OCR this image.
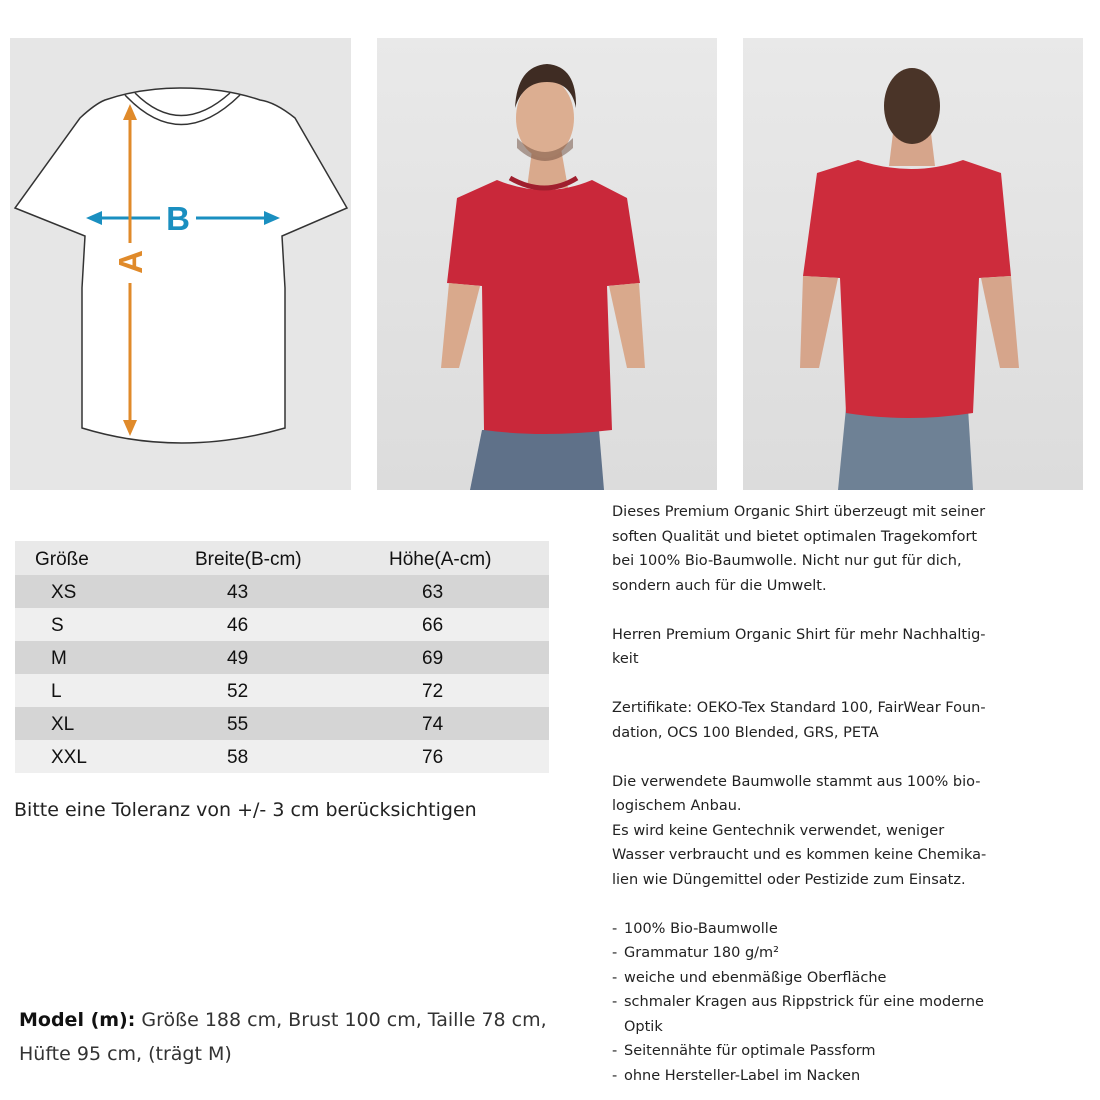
B
A
Größe	Breite(B-cm)	Höhe(A-cm)
XS	43	63
S	46	66
M	49	69
L	52	72
XL	55	74
XXL	58	76
Bitte eine Toleranz von +/- 3 cm berücksichtigen
Model (m): Größe 188 cm, Brust 100 cm, Taille 78 cm,
Hüfte 95 cm, (trägt M)

Dieses Premium Organic Shirt überzeugt mit seiner

soften Qualität und bietet optimalen Tragekomfort

bei 100% Bio-Baumwolle. Nicht nur gut für dich,

sondern auch für die Umwelt.

Herren Premium Organic Shirt für mehr Nachhaltig-

keit

Zertifikate: OEKO-Tex Standard 100, FairWear Foun-

dation, OCS 100 Blended, GRS, PETA

Die verwendete Baumwolle stammt aus 100% bio-

logischem Anbau.

Es wird keine Gentechnik verwendet, weniger

Wasser verbraucht und es kommen keine Chemika-

lien wie Düngemittel oder Pestizide zum Einsatz.

- 100% Bio-Baumwolle

- Grammatur 180 g/m²

- weiche und ebenmäßige Oberfläche

- schmaler Kragen aus Rippstrick für eine moderne

Optik

- Seitennähte für optimale Passform

- ohne Hersteller-Label im Nacken
